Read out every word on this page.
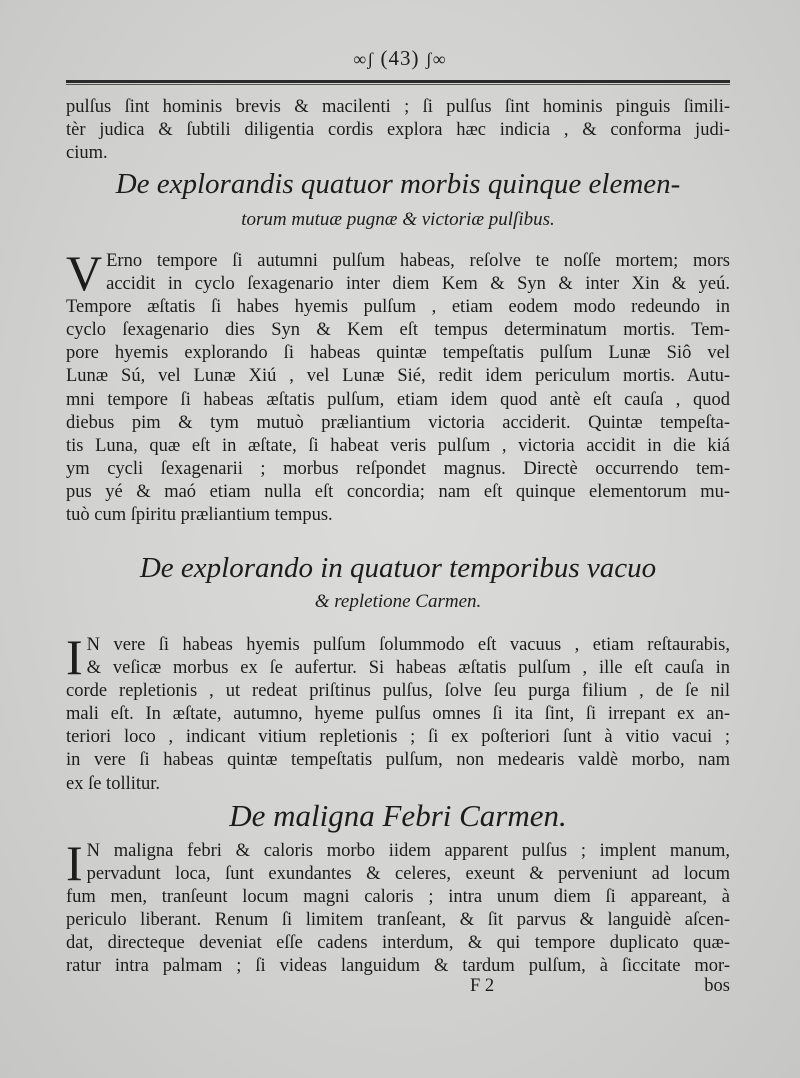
∞ʃ (43) ʃ∞
pulſus ſint hominis brevis & macilenti ; ſi pulſus ſint hominis pinguis ſimili-
tèr judica & ſubtili diligentia cordis explora hæc indicia , & conforma judi-
cium.
De explorandis quatuor morbis quinque elemen-
torum mutuæ pugnæ & victoriæ pulſibus.
V Erno tempore ſi autumni pulſum habeas, reſolve te noſſe mortem; mors
accidit in cyclo ſexagenario inter diem Kem & Syn & inter Xin & yeú.
Tempore æſtatis ſi habes hyemis pulſum , etiam eodem modo redeundo in
cyclo ſexagenario dies Syn & Kem eſt tempus determinatum mortis. Tem-
pore hyemis explorando ſi habeas quintæ tempeſtatis pulſum Lunæ Siô vel
Lunæ Sú, vel Lunæ Xiú , vel Lunæ Sié, redit idem periculum mortis. Autu-
mni tempore ſi habeas æſtatis pulſum, etiam idem quod antè eſt cauſa , quod
diebus pim & tym mutuò præliantium victoria acciderit. Quintæ tempeſta-
tis Luna, quæ eſt in æſtate, ſi habeat veris pulſum , victoria accidit in die kiá
ym cycli ſexagenarii ; morbus reſpondet magnus. Directè occurrendo tem-
pus yé & maó etiam nulla eſt concordia; nam eſt quinque elementorum mu-
tuò cum ſpiritu præliantium tempus.
De explorando in quatuor temporibus vacuo
& repletione Carmen.
I N vere ſi habeas hyemis pulſum ſolummodo eſt vacuus , etiam reſtaurabis,
& veſicæ morbus ex ſe aufertur. Si habeas æſtatis pulſum , ille eſt cauſa in
corde repletionis , ut redeat priſtinus pulſus, ſolve ſeu purga filium , de ſe nil
mali eſt. In æſtate, autumno, hyeme pulſus omnes ſi ita ſint, ſi irrepant ex an-
teriori loco , indicant vitium repletionis ; ſi ex poſteriori ſunt à vitio vacui ;
in vere ſi habeas quintæ tempeſtatis pulſum, non medearis valdè morbo, nam
ex ſe tollitur.
De maligna Febri Carmen.
I N maligna febri & caloris morbo iidem apparent pulſus ; implent manum,
pervadunt loca, ſunt exundantes & celeres, exeunt & perveniunt ad locum
fum men, tranſeunt locum magni caloris ; intra unum diem ſi appareant, à
periculo liberant. Renum ſi limitem tranſeant, & ſit parvus & languidè aſcen-
dat, directeque deveniat eſſe cadens interdum, & qui tempore duplicato quæ-
ratur intra palmam ; ſi videas languidum & tardum pulſum, à ſiccitate mor-
F 2	bos
